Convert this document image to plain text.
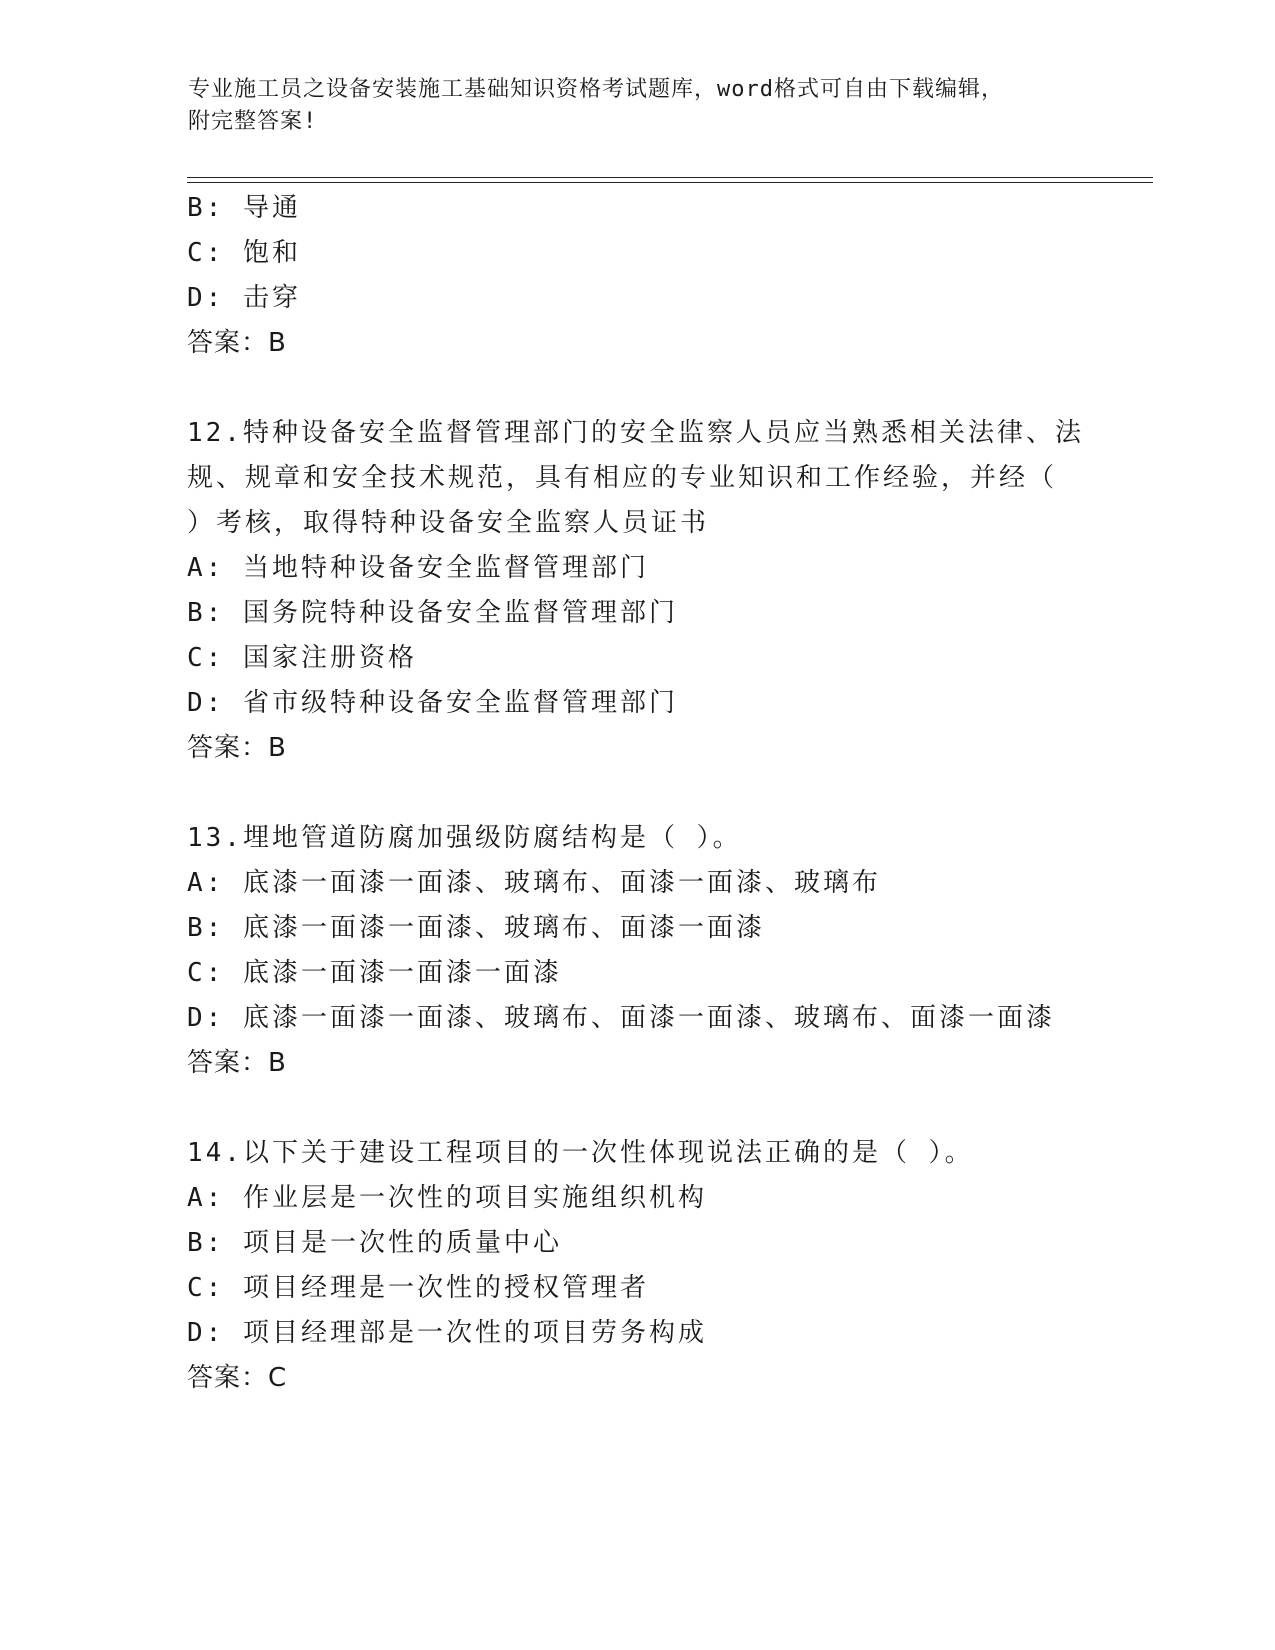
专业施工员之设备安装施工基础知识资格考试题库，word格式可自由下载编辑，
附完整答案!
B: 导通
C: 饱和
D: 击穿
答案：B
12.特种设备安全监督管理部门的安全监察人员应当熟悉相关法律、法
规、规章和安全技术规范，具有相应的专业知识和工作经验，并经（
）考核，取得特种设备安全监察人员证书
A: 当地特种设备安全监督管理部门
B: 国务院特种设备安全监督管理部门
C: 国家注册资格
D: 省市级特种设备安全监督管理部门
答案：B
13.埋地管道防腐加强级防腐结构是（ ）。
A: 底漆一面漆一面漆、玻璃布、面漆一面漆、玻璃布
B: 底漆一面漆一面漆、玻璃布、面漆一面漆
C: 底漆一面漆一面漆一面漆
D: 底漆一面漆一面漆、玻璃布、面漆一面漆、玻璃布、面漆一面漆
答案：B
14.以下关于建设工程项目的一次性体现说法正确的是（ ）。
A: 作业层是一次性的项目实施组织机构
B: 项目是一次性的质量中心
C: 项目经理是一次性的授权管理者
D: 项目经理部是一次性的项目劳务构成
答案：C
